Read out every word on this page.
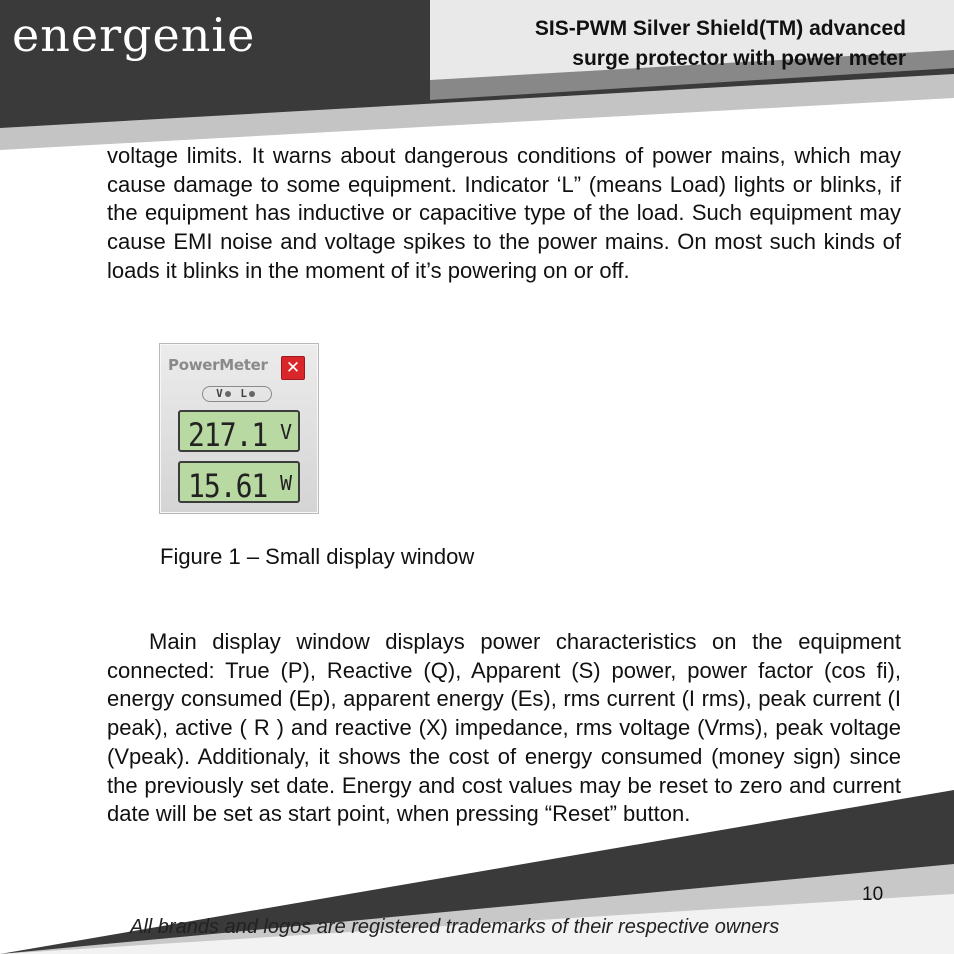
energenie	SIS-PWM Silver Shield(TM) advanced
surge protector with power meter

voltage limits. It warns about dangerous conditions of power mains, which may cause damage to some equipment. Indicator ‘L” (means Load) lights or blinks, if the equipment has inductive or capacitive type of the load. Such equipment may cause EMI noise and voltage spikes to the power mains. On most such kinds of loads it blinks in the moment of it’s powering on or off.

PowerMeter ✕
V L
217.1 V
15.61 W

Figure 1 – Small display window

Main display window displays power characteristics on the equipment connected: True (P), Reactive (Q), Apparent (S) power, power factor (cos fi), energy consumed (Ep), apparent energy (Es), rms current (I rms), peak current (I peak), active ( R ) and reactive (X) impedance, rms voltage (Vrms), peak voltage (Vpeak). Additionaly, it shows the cost of energy consumed (money sign) since the previously set date. Energy and cost values may be reset to zero and current date will be set as start point, when pressing “Reset” button.

10
All brands and logos are registered trademarks of their respective owners
